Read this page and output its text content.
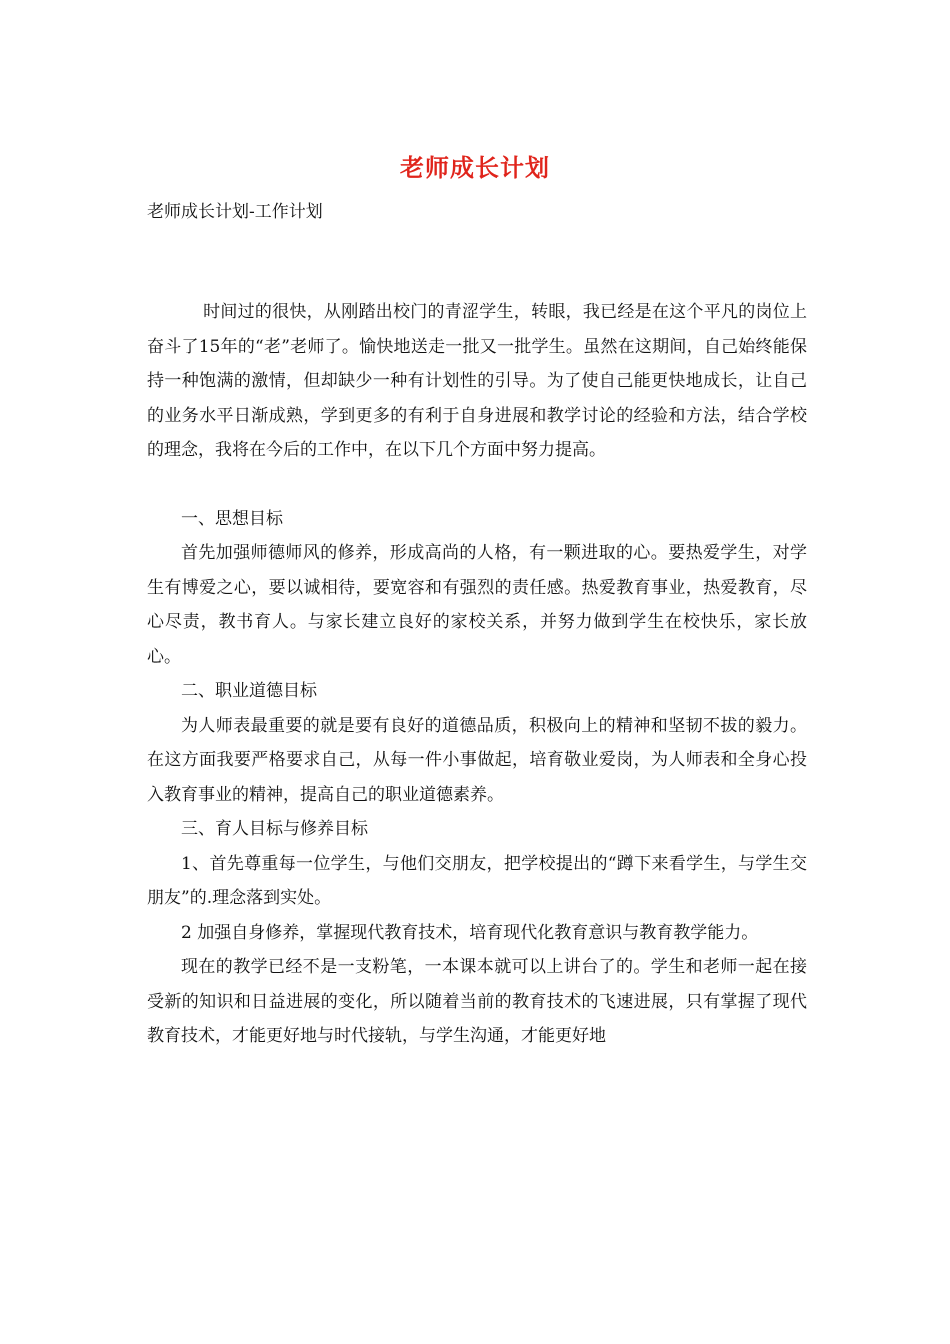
老师成长计划
老师成长计划-工作计划

时间过的很快，从刚踏出校门的青涩学生，转眼，我已经是在这个平凡的岗位上奋斗了15年的“老”老师了。愉快地送走一批又一批学生。虽然在这期间，自己始终能保持一种饱满的激情，但却缺少一种有计划性的引导。为了使自己能更快地成长，让自己的业务水平日渐成熟，学到更多的有利于自身进展和教学讨论的经验和方法，结合学校的理念，我将在今后的工作中，在以下几个方面中努力提高。

一、思想目标

首先加强师德师风的修养，形成高尚的人格，有一颗进取的心。要热爱学生，对学生有博爱之心，要以诚相待，要宽容和有强烈的责任感。热爱教育事业，热爱教育，尽心尽责，教书育人。与家长建立良好的家校关系，并努力做到学生在校快乐，家长放心。

二、职业道德目标

为人师表最重要的就是要有良好的道德品质，积极向上的精神和坚韧不拔的毅力。在这方面我要严格要求自己，从每一件小事做起，培育敬业爱岗，为人师表和全身心投入教育事业的精神，提高自己的职业道德素养。

三、育人目标与修养目标

1、首先尊重每一位学生，与他们交朋友，把学校提出的“蹲下来看学生，与学生交朋友”的.理念落到实处。

2 加强自身修养，掌握现代教育技术，培育现代化教育意识与教育教学能力。

现在的教学已经不是一支粉笔，一本课本就可以上讲台了的。学生和老师一起在接受新的知识和日益进展的变化，所以随着当前的教育技术的飞速进展，只有掌握了现代教育技术，才能更好地与时代接轨，与学生沟通，才能更好地
